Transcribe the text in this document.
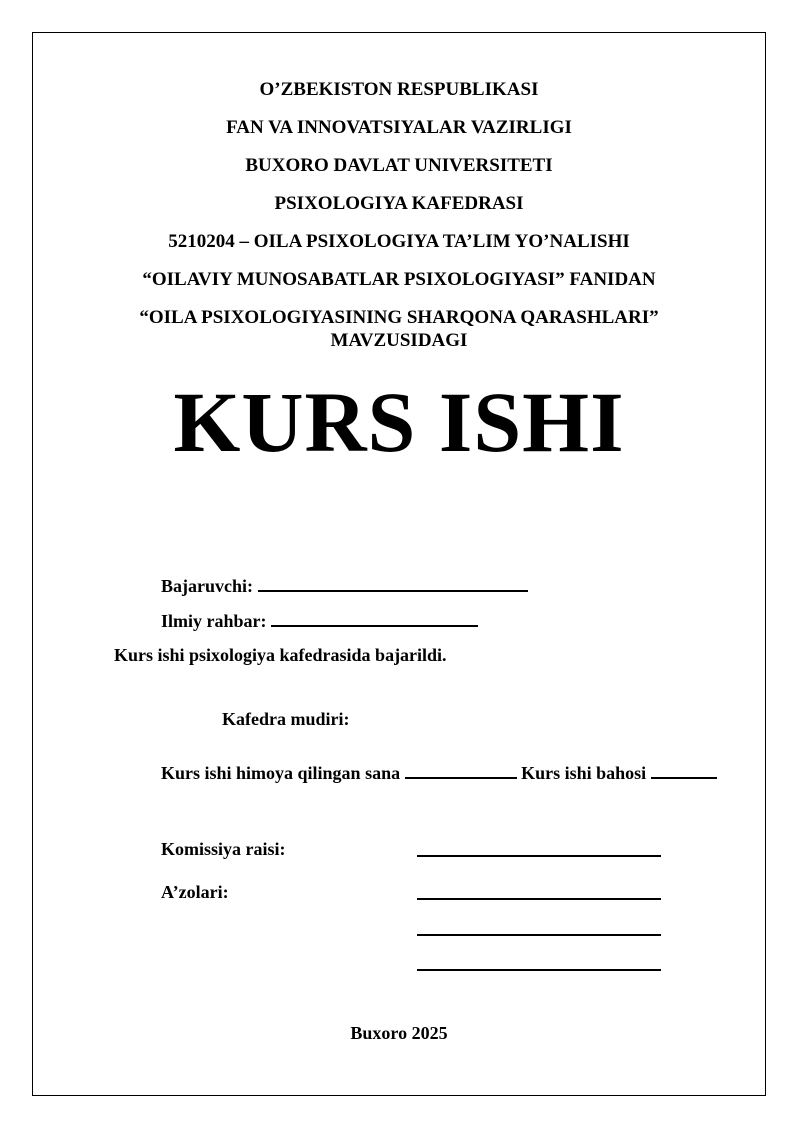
O’ZBEKISTON RESPUBLIKASI
FAN VA INNOVATSIYALAR VAZIRLIGI
BUXORO DAVLAT UNIVERSITETI
PSIXOLOGIYA KAFEDRASI
5210204 – OILA PSIXOLOGIYA TA’LIM YO’NALISHI
“OILAVIY MUNOSABATLAR PSIXOLOGIYASI” FANIDAN
“OILA PSIXOLOGIYASINING SHARQONA QARASHLARI”
MAVZUSIDAGI
KURS ISHI
Bajaruvchi:
Ilmiy rahbar:
Kurs ishi psixologiya kafedrasida bajarildi.
Kafedra mudiri:
Kurs ishi himoya qilingan sana	Kurs ishi bahosi
Komissiya raisi:
A’zolari:
Buxoro 2025
